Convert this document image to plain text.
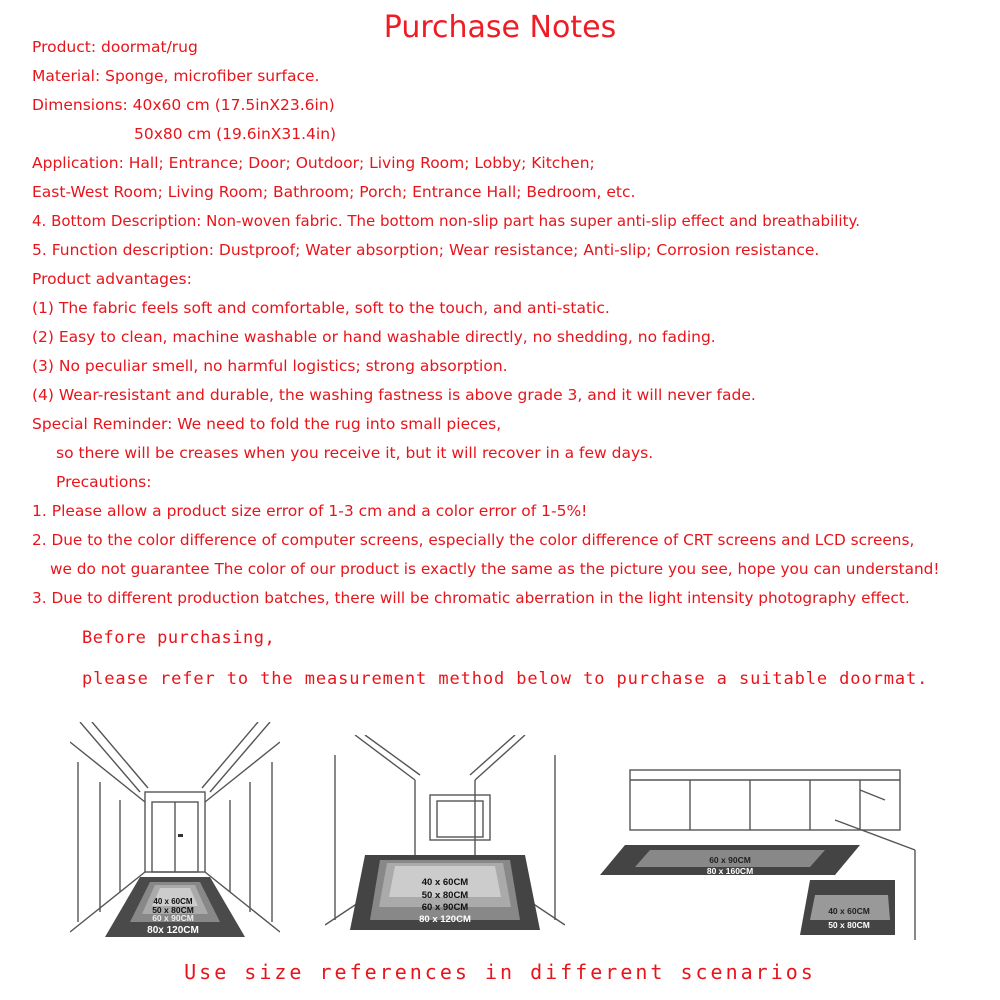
Purchase Notes
Product: doormat/rug
Material: Sponge, microfiber surface.
Dimensions: 40x60 cm (17.5inX23.6in)
50x80 cm (19.6inX31.4in)
Application: Hall; Entrance; Door; Outdoor; Living Room; Lobby; Kitchen;
East-West Room; Living Room; Bathroom; Porch; Entrance Hall; Bedroom, etc.
4. Bottom Description: Non-woven fabric. The bottom non-slip part has super anti-slip effect and breathability.
5. Function description: Dustproof; Water absorption; Wear resistance; Anti-slip; Corrosion resistance.
Product advantages:
(1) The fabric feels soft and comfortable, soft to the touch, and anti-static.
(2) Easy to clean, machine washable or hand washable directly, no shedding, no fading.
(3) No peculiar smell, no harmful logistics; strong absorption.
(4) Wear-resistant and durable, the washing fastness is above grade 3, and it will never fade.
Special Reminder: We need to fold the rug into small pieces,
so there will be creases when you receive it, but it will recover in a few days.
Precautions:
1. Please allow a product size error of 1-3 cm and a color error of 1-5%!
2. Due to the color difference of computer screens, especially the color difference of CRT screens and LCD screens,
we do not guarantee The color of our product is exactly the same as the picture you see, hope you can understand!
3. Due to different production batches, there will be chromatic aberration in the light intensity photography effect.
Before purchasing,
please refer to the measurement method below to purchase a suitable doormat.
40 x 60CM
50 x 80CM
60 x 90CM
80x 120CM
40 x 60CM
50 x 80CM
60 x 90CM
80 x 120CM
60 x 90CM
80 x 160CM
40 x 60CM
50 x 80CM
Use size references in different scenarios
